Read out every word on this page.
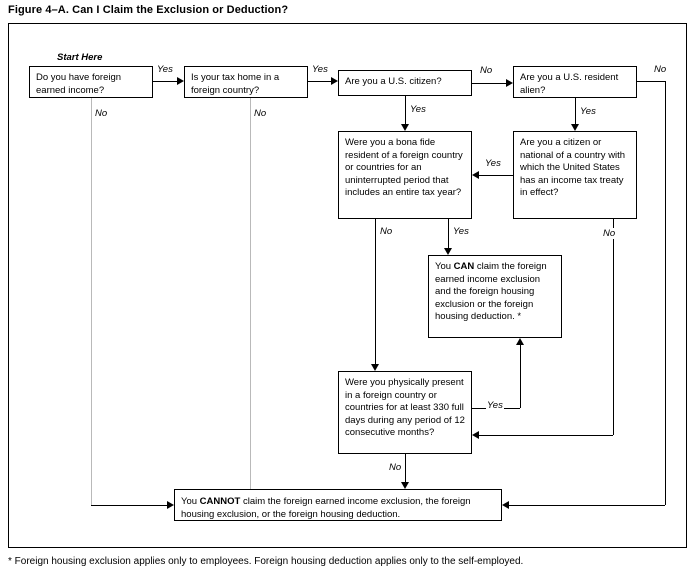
Figure 4–A. Can I Claim the Exclusion or Deduction?
Start Here
Do you have foreign earned income?
Is your tax home in a foreign country?
Are you a U.S. citizen?	Are you a U.S. resident alien?
Were you a bona fide resident of a foreign country or countries for an uninterrupted period that includes an entire tax year?
Are you a citizen or national of a country with which the United States has an income tax treaty in effect?
You CAN claim the foreign earned income exclusion and the foreign housing exclusion or the foreign housing deduction. *
Were you physically present in a foreign country or countries for at least 330 full days during any period of 12 consecutive months?
You CANNOT claim the foreign earned income exclusion, the foreign housing exclusion, or the foreign housing deduction.
Yes
No
Yes
No
No
Yes	Yes
No
Yes
No
Yes
No
Yes
No
* Foreign housing exclusion applies only to employees. Foreign housing deduction applies only to the self-employed.
